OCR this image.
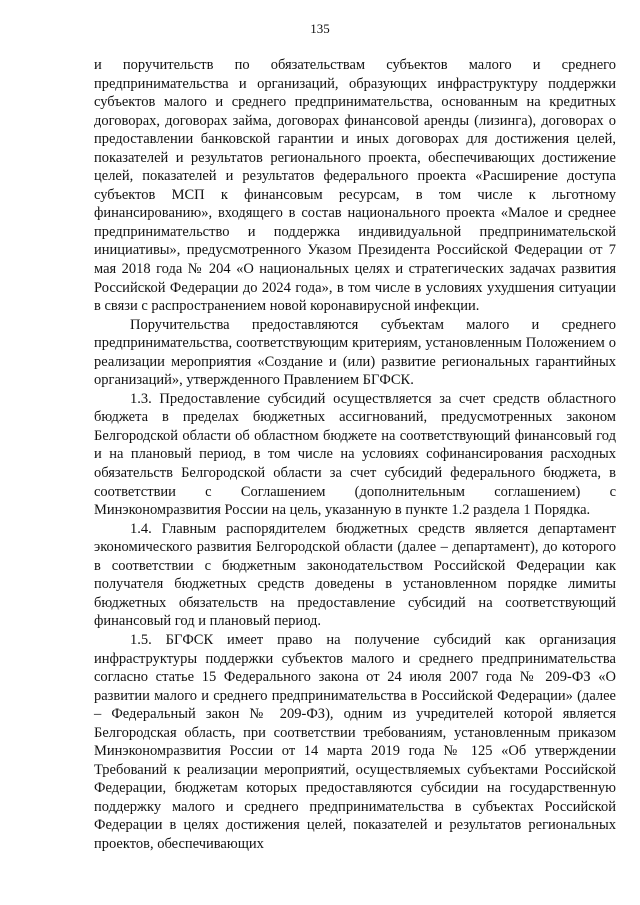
135

и поручительств по обязательствам субъектов малого и среднего предпринимательства и организаций, образующих инфраструктуру поддержки субъектов малого и среднего предпринимательства, основанным на кредитных договорах, договорах займа, договорах финансовой аренды (лизинга), договорах о предоставлении банковской гарантии и иных договорах для достижения целей, показателей и результатов регионального проекта, обеспечивающих достижение целей, показателей и результатов федерального проекта «Расширение доступа субъектов МСП к финансовым ресурсам, в том числе к льготному финансированию», входящего в состав национального проекта «Малое и среднее предпринимательство и поддержка индивидуальной предпринимательской инициативы», предусмотренного Указом Президента Российской Федерации от 7 мая 2018 года № 204 «О национальных целях и стратегических задачах развития Российской Федерации до 2024 года», в том числе в условиях ухудшения ситуации в связи с распространением новой коронавирусной инфекции.

Поручительства предоставляются субъектам малого и среднего предпринимательства, соответствующим критериям, установленным Положением о реализации мероприятия «Создание и (или) развитие региональных гарантийных организаций», утвержденного Правлением БГФСК.

1.3. Предоставление субсидий осуществляется за счет средств областного бюджета в пределах бюджетных ассигнований, предусмотренных законом Белгородской области об областном бюджете на соответствующий финансовый год и на плановый период, в том числе на условиях софинансирования расходных обязательств Белгородской области за счет субсидий федерального бюджета, в соответствии с Соглашением (дополнительным соглашением) с Минэкономразвития России на цель, указанную в пункте 1.2 раздела 1 Порядка.

1.4. Главным распорядителем бюджетных средств является департамент экономического развития Белгородской области (далее – департамент), до которого в соответствии с бюджетным законодательством Российской Федерации как получателя бюджетных средств доведены в установленном порядке лимиты бюджетных обязательств на предоставление субсидий на соответствующий финансовый год и плановый период.

1.5. БГФСК имеет право на получение субсидий как организация инфраструктуры поддержки субъектов малого и среднего предпринимательства согласно статье 15 Федерального закона от 24 июля 2007 года № 209-ФЗ «О развитии малого и среднего предпринимательства в Российской Федерации» (далее – Федеральный закон № 209-ФЗ), одним из учредителей которой является Белгородская область, при соответствии требованиям, установленным приказом Минэкономразвития России от 14 марта 2019 года № 125 «Об утверждении Требований к реализации мероприятий, осуществляемых субъектами Российской Федерации, бюджетам которых предоставляются субсидии на государственную поддержку малого и среднего предпринимательства в субъектах Российской Федерации в целях достижения целей, показателей и результатов региональных проектов, обеспечивающих
